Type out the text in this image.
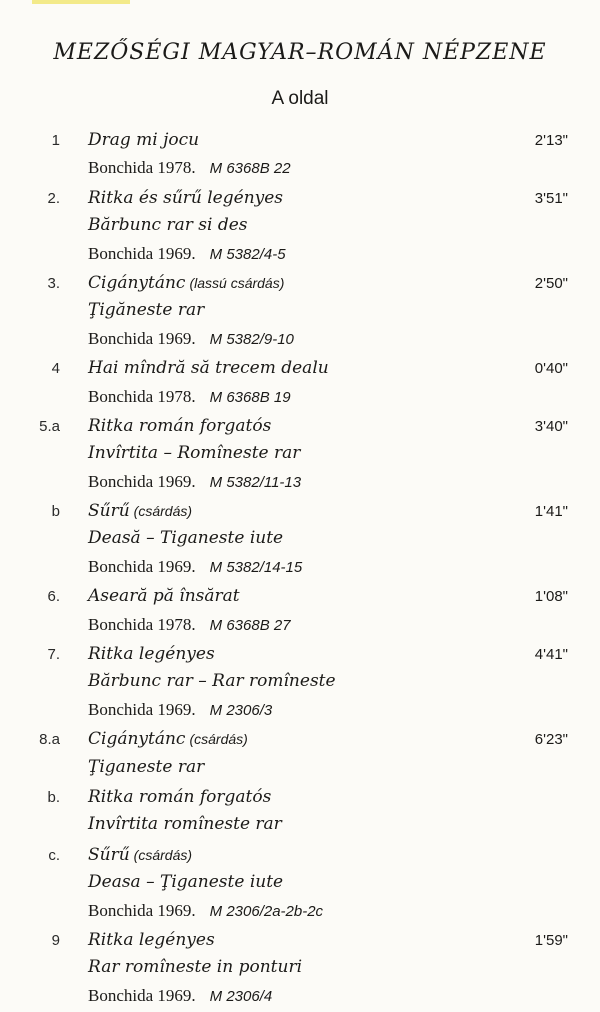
MEZŐSÉGI MAGYAR–ROMÁN NÉPZENE
A oldal
1	2'13"
Drag mi jocu
Bonchida 1978. M 6368B 22
2.	3'51"
Ritka és sűrű legényes
Bărbunc rar si des
Bonchida 1969. M 5382/4-5
3.	2'50"
Cigánytánc (lassú csárdás)
Ţigăneste rar
Bonchida 1969. M 5382/9-10
4	0'40"
Hai mîndră să trecem dealu
Bonchida 1978. M 6368B 19
5.a	3'40"
Ritka román forgatós
Invîrtita – Romîneste rar
Bonchida 1969. M 5382/11-13
b	1'41"
Sűrű (csárdás)
Deasă – Tiganeste iute
Bonchida 1969. M 5382/14-15
6.	1'08"
Aseară pă însărat
Bonchida 1978. M 6368B 27
7.	4'41"
Ritka legényes
Bărbunc rar – Rar romîneste
Bonchida 1969. M 2306/3
8.a	6'23"
Cigánytánc (csárdás)
Ţiganeste rar
b. Ritka román forgatós
Invîrtita romîneste rar
c. Sűrű (csárdás)
Deasa – Ţiganeste iute
Bonchida 1969. M 2306/2a-2b-2c
9	1'59"
Ritka legényes
Rar romîneste in ponturi
Bonchida 1969. M 2306/4
